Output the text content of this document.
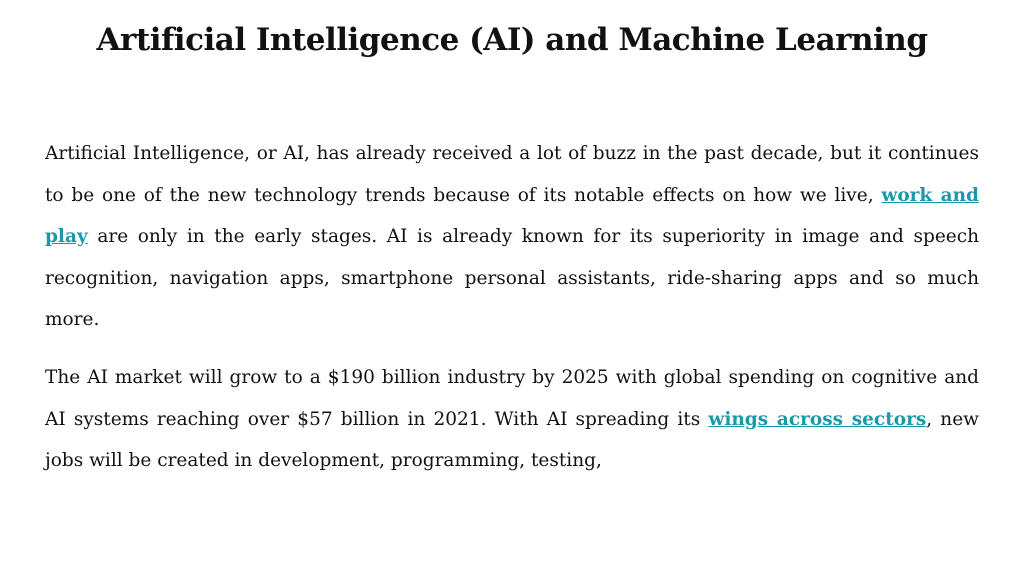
Artificial Intelligence (AI) and Machine Learning

Artificial Intelligence, or AI, has already received a lot of buzz in the past decade, but it continues to be one of the new technology trends because of its notable effects on how we live, work and play are only in the early stages. AI is already known for its superiority in image and speech recognition, navigation apps, smartphone personal assistants, ride-sharing apps and so much more.

The AI market will grow to a $190 billion industry by 2025 with global spending on cognitive and AI systems reaching over $57 billion in 2021. With AI spreading its wings across sectors, new jobs will be created in development, programming, testing,
